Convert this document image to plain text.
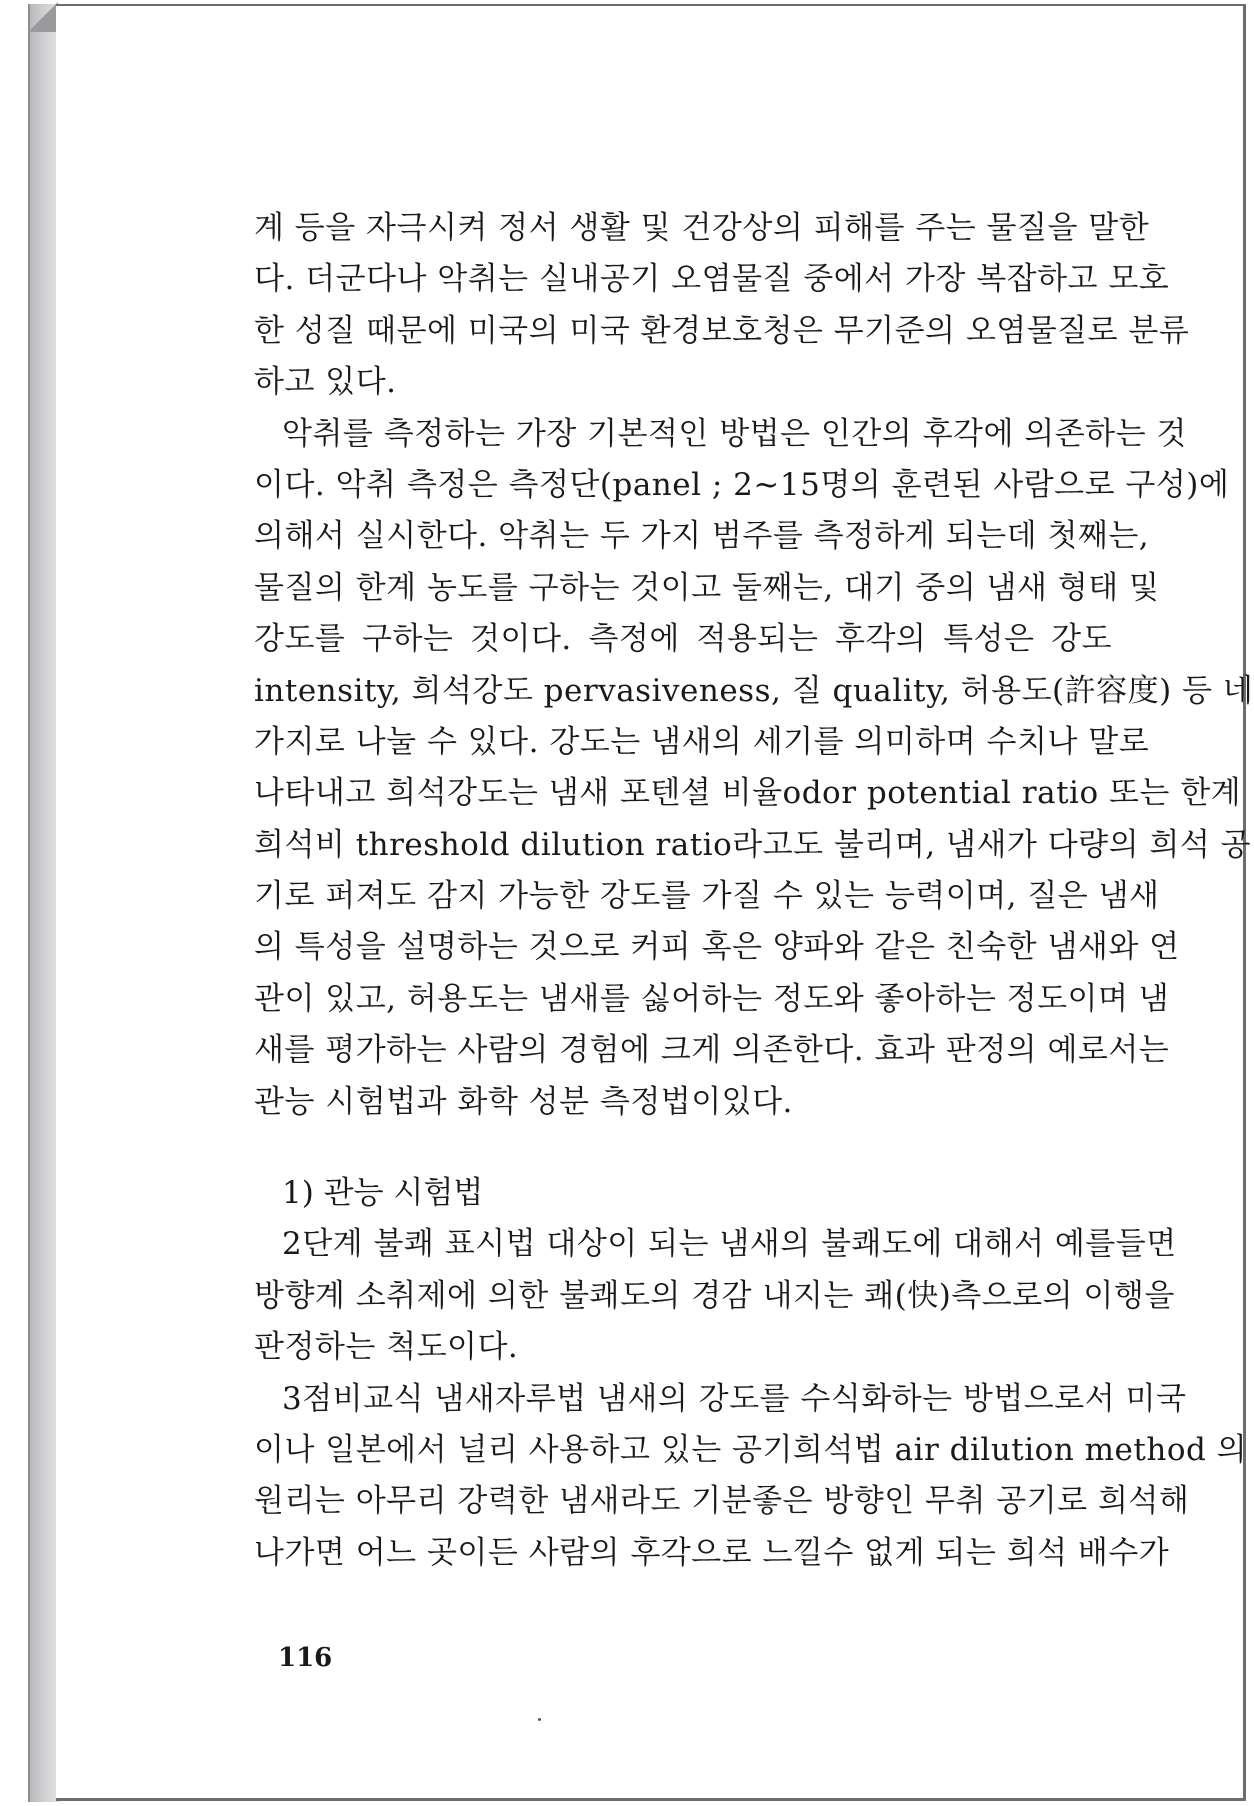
계 등을 자극시켜 정서 생활 및 건강상의 피해를 주는 물질을 말한
다. 더군다나 악취는 실내공기 오염물질 중에서 가장 복잡하고 모호
한 성질 때문에 미국의 미국 환경보호청은 무기준의 오염물질로 분류
하고 있다.
악취를 측정하는 가장 기본적인 방법은 인간의 후각에 의존하는 것
이다. 악취 측정은 측정단(panel ; 2~15명의 훈련된 사람으로 구성)에
의해서 실시한다. 악취는 두 가지 범주를 측정하게 되는데 첫째는,
물질의 한계 농도를 구하는 것이고 둘째는, 대기 중의 냄새 형태 및
강도를 구하는 것이다. 측정에 적용되는 후각의 특성은 강도
intensity, 희석강도 pervasiveness, 질 quality, 허용도(許容度) 등 네
가지로 나눌 수 있다. 강도는 냄새의 세기를 의미하며 수치나 말로
나타내고 희석강도는 냄새 포텐셜 비율odor potential ratio 또는 한계
희석비 threshold dilution ratio라고도 불리며, 냄새가 다량의 희석 공
기로 퍼져도 감지 가능한 강도를 가질 수 있는 능력이며, 질은 냄새
의 특성을 설명하는 것으로 커피 혹은 양파와 같은 친숙한 냄새와 연
관이 있고, 허용도는 냄새를 싫어하는 정도와 좋아하는 정도이며 냄
새를 평가하는 사람의 경험에 크게 의존한다. 효과 판정의 예로서는
관능 시험법과 화학 성분 측정법이있다.
1) 관능 시험법
2단계 불쾌 표시법 대상이 되는 냄새의 불쾌도에 대해서 예를들면
방향계 소취제에 의한 불쾌도의 경감 내지는 쾌(快)측으로의 이행을
판정하는 척도이다.
3점비교식 냄새자루법 냄새의 강도를 수식화하는 방법으로서 미국
이나 일본에서 널리 사용하고 있는 공기희석법 air dilution method 의
원리는 아무리 강력한 냄새라도 기분좋은 방향인 무취 공기로 희석해
나가면 어느 곳이든 사람의 후각으로 느낄수 없게 되는 희석 배수가
116
